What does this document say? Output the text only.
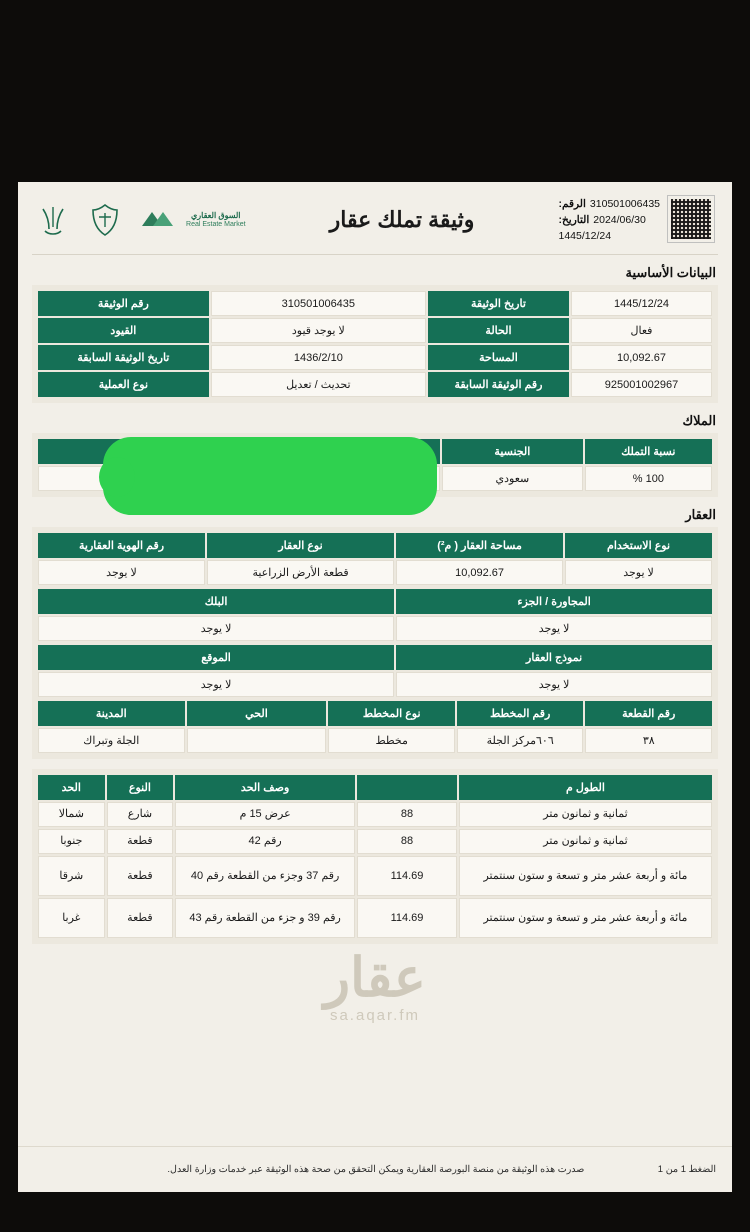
310501006435
الرقم:
2024/06/30
التاريخ:
1445/12/24
وثيقة تملك عقار
السوق العقاري
Real Estate Market
البيانات الأساسية
1445/12/24	تاريخ الوثيقة	310501006435	رقم الوثيقة
فعال	الحالة	لا يوجد قيود	القيود
10,092.67	المساحة	1436/2/10	تاريخ الوثيقة السابقة
925001002967	رقم الوثيقة السابقة	تحديث / تعديل	نوع العملية
الملاك
نسبة التملك	الجنسية	
100 %	سعودي	
العقار
نوع الاستخدام	مساحة العقار ( م²)	نوع العقار	رقم الهوية العقارية
لا يوجد	10,092.67	قطعة الأرض الزراعية	لا يوجد
المجاورة / الجزء	البلك
لا يوجد	لا يوجد
نموذج العقار	الموقع
لا يوجد	لا يوجد
رقم القطعة	رقم المخطط	نوع المخطط	الحي	المدينة
٣٨	٦٠٦مركز الجلة	مخطط		الجلة وتبراك
الطول م		وصف الحد	النوع	الحد
ثمانية و ثمانون متر	88	عرض 15 م	شارع	شمالا
ثمانية و ثمانون متر	88	رقم 42	قطعة	جنوبا
مائة و أربعة عشر متر و تسعة و ستون سنتمتر	114.69	رقم 37 وجزء من القطعة رقم 40	قطعة	شرقا
مائة و أربعة عشر متر و تسعة و ستون سنتمتر	114.69	رقم 39 و جزء من القطعة رقم 43	قطعة	غربا
عقار
sa.aqar.fm
الضغط 1 من 1
صدرت هذه الوثيقة من منصة البورصة العقارية ويمكن التحقق من صحة هذه الوثيقة عبر خدمات وزارة العدل.
